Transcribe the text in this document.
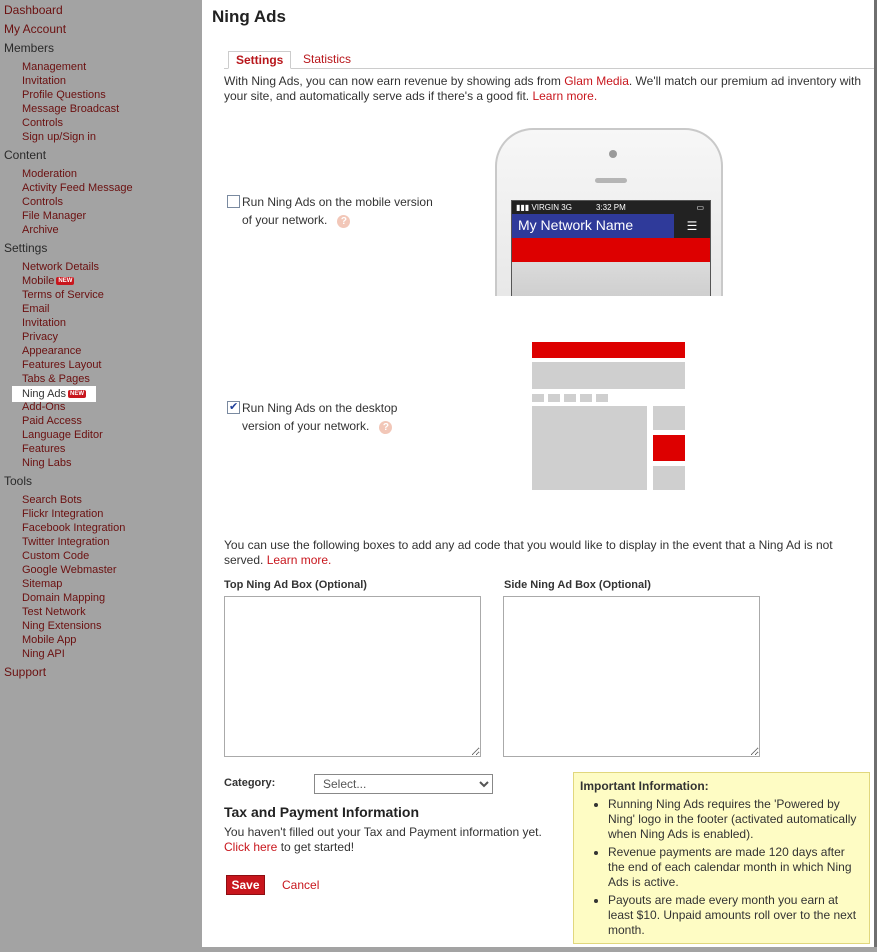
Dashboard
My Account
Members
Management
Invitation
Profile Questions
Message Broadcast
Controls
Sign up/Sign in
Content
Moderation
Activity Feed Message
Controls
File Manager
Archive
Settings
Network Details
Mobile NEW
Terms of Service
Email
Invitation
Privacy
Appearance
Features Layout
Tabs & Pages
Ning Ads NEW
Add-Ons
Paid Access
Language Editor
Features
Ning Labs
Tools
Search Bots
Flickr Integration
Facebook Integration
Twitter Integration
Custom Code
Google Webmaster
Sitemap
Domain Mapping
Test Network
Ning Extensions
Mobile App
Ning API
Support
Ning Ads
Settings	Statistics
With Ning Ads, you can now earn revenue by showing ads from Glam Media. We'll match our premium ad inventory with your site, and automatically serve ads if there's a good fit. Learn more.
Run Ning Ads on the mobile version
of your network. ?
▮▮▮ VIRGIN 3G	3:32 PM	▭
My Network Name	☰
✔
Run Ning Ads on the desktop
version of your network. ?
You can use the following boxes to add any ad code that you would like to display in the event that a Ning Ad is not served. Learn more.
Top Ning Ad Box (Optional)	Side Ning Ad Box (Optional)
Category:
Select...
Tax and Payment Information
You haven't filled out your Tax and Payment information yet.
Click here to get started!
Save	Cancel
Important Information:
• Running Ning Ads requires the 'Powered by Ning' logo in the footer (activated automatically when Ning Ads is enabled).
• Revenue payments are made 120 days after the end of each calendar month in which Ning Ads is active.
• Payouts are made every month you earn at least $10. Unpaid amounts roll over to the next month.
